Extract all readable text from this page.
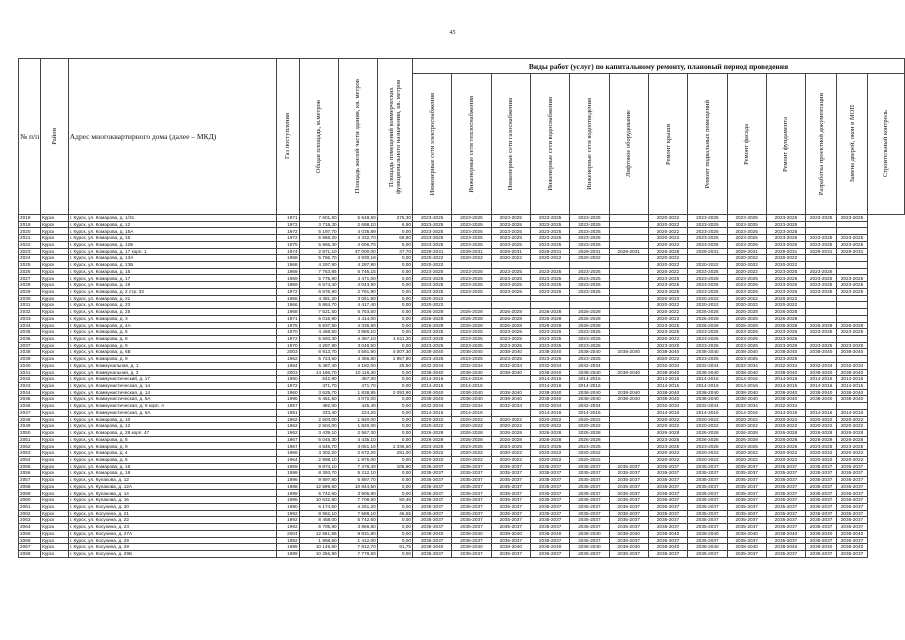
45
№ п/п	Район	Адрес многоквартирного дома (далее – МКД)	Газ поступления	Общая площадь, м.метров	Площадь жилой части здания, кв. метров	Площадь помещений коммерческих функционального назначения, кв. метров	Виды работ (услуг) по капитальному ремонту, плановый период проведения												

							Инженерные сети электроснабжения	Инженерные сети теплоснабжения	Инженерные сети газоснабжения	Инженерные сети водоснабжения	Инженерные сети водоотведения	Лифтовое оборудование	Ремонт крыши	Ремонт подвальных помещений	Ремонт фасада	Ремонт фундамента	Разработка проектной документации	Замена дверей, окон в МОП	Строительный контроль

2018	Курск	г. Курск, ул. Комарова, д. 1/31	1971	7 601,50	5 648,60	275,30	2023-2025	2023-2025	2023-2025	2023-2025	2023-2025		2020-2022	2023-2025	2023-2025	2023-2025	2023-2025	2023-2025	
2019	Курск	г. Курск, ул. Комарова, д. 12	1972	3 718,30	2 698,10	6,90	2023-2025	2023-2025	2023-2025	2023-2025	2023-2025		2020-2022	2023-2025	2023-2025	2023-2025			
2020	Курск	г. Курск, ул. Комарова, д. 15А	1972	5 197,70	4 035,89	0,00	2023-2025	2023-2025	2023-2025	2023-2025	2023-2025		2020-2022	2023-2025	2023-2025	2023-2025			
2021	Курск	г. Курск, ул. Комарова, д. 16	1972	5 968,20	4 332,70	68,80	2023-2025	2023-2025	2023-2025	2023-2025	2023-2025		2020-2022	2023-2025	2023-2025	2023-2025	2023-2025	2023-2025	
2022	Курск	г. Курск, ул. Комарова, д. 12Б	1975	5 866,30	4 006,70	5,00	2023-2025	2023-2025	2023-2025	2023-2025	2023-2025		2020-2022	2023-2025	2023-2025	2023-2025	2023-2025	2023-2025	
2023	Курск	г. Курск, ул. Комарова, д. 17 корп. 1	1974	2 871,10	37 000,00	37,70	2029-2031	2029-2031	2029-2031	2029-2031	2029-2031	2029-2031	2026-2028	2029-2031	2029-2031	2029-2031	2029-2031	2029-2031	
2024	Курск	г. Курск, ул. Комарова, д. 13А	1968	5 756,70	4 930,18	0,00	2020-2022	2020-2022	2020-2022	2020-2022	2020-2022		2020-2022		2020-2022	2020-2022			
2025	Курск	г. Курск, ул. Комарова, д. 13Б	1968	4 297,90	4 297,90	0,00	2020-2022						2020-2022	2020-2022	2020-2022	2020-2022			
2026	Курск	г. Курск, ул. Комарова, д. 15	1969	7 763,85	5 746,15	0,00	2023-2025	2023-2025	2023-2025	2023-2025	2023-2025		2020-2022	2023-2025	2020-2022	2023-2025	2023-2025		
2027	Курск	г. Курск, ул. Комарова, д. 17	1969	5 775,90	4 471,00	0,00	2023-2025	2023-2025	2023-2025	2023-2025	2023-2025		2023-2025	2023-2025	2023-2025	2023-2025	2023-2025	2023-2025	
2028	Курск	г. Курск, ул. Комарова, д. 19	1969	6 574,40	4 043,90	0,00	2023-2025	2023-2025	2023-2025	2023-2025	2023-2025		2023-2025	2023-2025	2023-2025	2023-2025	2023-2025	2023-2025	
2029	Курск	г. Курск, ул. Комарова, д. 2 стр. 33	1972	6 576,90	2 791,90	0,00	2023-2025	2023-2025	2023-2025	2023-2025	2023-2025		2023-2025	2023-2025	2023-2025	2023-2025	2023-2025	2023-2025	
2030	Курск	г. Курск, ул. Комарова, д. 21	1966	4 381,20	3 061,90	0,00	2020-2022						2020-2022	2020-2022	2020-2022	2020-2022			
2031	Курск	г. Курск, ул. Комарова, д. 23	1966	5 884,70	4 417,40	0,00	2020-2022						2020-2022	2020-2022	2020-2022	2020-2022			
2032	Курск	г. Курск, ул. Комарова, д. 25	1968	7 621,50	5 763,50	0,00	2026-2028	2026-2028	2026-2028	2026-2028	2026-2028		2020-2022	2026-2028	2026-2028	2026-2028			
2033	Курск	г. Курск, ул. Комарова, д. 3	1971	6 016,90	4 414,00	0,00	2026-2028	2026-2028	2026-2028	2026-2028	2026-2028		2020-2022	2026-2028	2026-2028	2026-2028			
2034	Курск	г. Курск, ул. Комарова, д. 4А	1975	5 937,50	4 336,90	0,00	2026-2028	2026-2028	2026-2028	2026-2028	2026-2028		2023-2025	2026-2028	2026-2028	2026-2028	2026-2028	2026-2028	
2035	Курск	г. Курск, ул. Комарова, д. 5	1970	4 458,50	3 886,10	0,00	2023-2025	2023-2025	2023-2025	2023-2025	2023-2025		2023-2025	2023-2025	2023-2025	2023-2025	2023-2025	2023-2025	
2036	Курск	г. Курск, ул. Комарова, д. 9	1972	5 693,30	4 367,10	1 611,20	2023-2025	2023-2025	2023-2025	2023-2025	2023-2025		2020-2022	2023-2025	2023-2025	2023-2025			
2037	Курск	г. Курск, ул. Комарова, д. 9	1970	4 297,80	3 046,50	0,00	2023-2025	2023-2025	2023-2025	2023-2025	2023-2025		2023-2025	2023-2025	2023-2025	2023-2025	2023-2025	2023-2025	
2038	Курск	г. Курск, ул. Комарова, д. 6Б	2003	6 913,70	4 591,90	4 007,30	2038-2040	2038-2040	2038-2040	2038-2040	2038-2040	2038-2040	2038-2040	2038-2040	2038-2040	2038-2040	2038-2040	2038-2040	
2039	Курск	г. Курск, ул. Комарова, д. 9	1962	5 724,60	4 366,80	1 957,80	2023-2025	2023-2025	2023-2025	2023-2025	2023-2025		2020-2022	2023-2025	2023-2025	2023-2025			
2040	Курск	г. Курск, ул. Коммунальная, д. 1	1984	5 487,40	4 182,00	25,50	2032-2034	2032-2034	2032-2034	2032-2034	2032-2034		2032-2034	2032-2034	2032-2034	2032-2034	2032-2034	2032-2034	
2041	Курск	г. Курск, ул. Коммунальная, д. 2	2003	14 196,70	10 116,30	0,00	2038-2040	2038-2040	2038-2040	2038-2040	2038-2040	2038-2040	2038-2040	2038-2040	2038-2040	2038-2040	2038-2040	2038-2040	
2042	Курск	г. Курск, ул. Коммунистический, д. 17	1960	642,90	457,00	0,00	2014-2016	2014-2016		2014-2016	2014-2016		2014-2016	2014-2016	2014-2016	2014-2016	2014-2016	2014-2016	
2043	Курск	г. Курск, ул. Коммунистическая, д. 14	1972	471,70	471,70	0,00	2014-2016	2014-2016		2014-2016	2014-2016		2014-2016	2014-2016	2014-2016	2014-2016	2014-2016	2014-2016	
2044	Курск	г. Курск, ул. Коммунистическая, д. 14	1960	3 625,70	1 838,85	2 093,90	2038-2040	2038-2040	2038-2040	2038-2040	2038-2040	2038-2040	2038-2040	2038-2040	2038-2040	2038-2040	2038-2040	2038-2040	
2045	Курск	г. Курск, ул. Коммунистическая, д. 5А	1996	6 451,50	4 070,00	0,00	2038-2040	2038-2040	2038-2040	2038-2040	2038-2040	2038-2040	2038-2040	2038-2040	2038-2040	2038-2040	2038-2040	2038-2040	
2046	Курск	г. Курск, ул. Коммунистическая, д. 6 корп. А	1957	492,00	425,40	0,00	2032-2034	2032-2034	2032-2034	2032-2034	2032-2034		2032-2034	2032-2034	2032-2034	2032-2034			
2047	Курск	г. Курск, ул. Коммунистическая, д. 6А	1951	333,40	224,20	0,00	2014-2016	2014-2016		2014-2016	2014-2016		2014-2016	2014-2016	2014-2016	2014-2016	2014-2016	2014-2016	
2048	Курск	г. Курск, ул. Комарова, д. 10	1962	2 503,00	1 820,00	0,00	2020-2022	2020-2022	2020-2022	2020-2022	2020-2022		2020-2022	2020-2022	2020-2022	2020-2022	2020-2022	2020-2022	
2049	Курск	г. Курск, ул. Комарова, д. 12	1962	2 504,00	1 820,00	0,00	2020-2022	2020-2022	2020-2022	2020-2022	2020-2022		2020-2022	2020-2022	2020-2022	2020-2022	2020-2022	2020-2022	
2050	Курск	г. Курск, ул. Комарова, д. 28 корп. 47	1962	3 439,10	2 567,30	0,00	2026-2028	2026-2028	2026-2028	2026-2028	2026-2028		2026-2028	2026-2028	2026-2028	2026-2028	2026-2028	2026-2028	
2051	Курск	г. Курск, ул. Комарова, д. 8	1967	6 045,30	4 435,10	0,00	2026-2028	2026-2028	2026-2028	2026-2028	2026-2028		2023-2025	2026-2028	2026-2028	2026-2028	2026-2028	2026-2028	
2052	Курск	г. Курск, ул. Комарова, д. 9	1967	4 845,70	3 051,10	1 336,60	2023-2025	2023-2025	2023-2025	2023-2025	2023-2025		2023-2025	2023-2025	2023-2025	2023-2025	2023-2025	2023-2025	
2053	Курск	г. Курск, ул. Комарова, д. 4	1966	3 302,20	2 572,20	291,00	2020-2022	2020-2022	2020-2022	2020-2022	2020-2022		2020-2022	2020-2022	2020-2022	2020-2022	2020-2022	2020-2022	
2054	Курск	г. Курск, ул. Комарова, д. 5	1964	2 998,10	1 875,00	0,00	2020-2022	2020-2022	2020-2022	2020-2022	2020-2022		2020-2022	2020-2022	2020-2022	2020-2022	2020-2022	2020-2022	
2055	Курск	г. Курск, ул. Комарова, д. 16	1969	9 874,10	7 478,40	105,90	2035-2037	2035-2037	2035-2037	2035-2037	2035-2037	2035-2037	2035-2037	2035-2037	2035-2037	2035-2037	2035-2037	2035-2037	
2056	Курск	г. Курск, ул. Комарова, д. 18	1999	8 393,70	5 212,10	0,00	2035-2037	2035-2037	2035-2037	2035-2037	2035-2037	2035-2037	2035-2037	2035-2037	2035-2037	2035-2037	2035-2037	2035-2037	
2057	Курск	г. Курск, ул. Кулакова, д. 12	1996	9 897,80	5 897,70	0,00	2035-2037	2035-2037	2035-2037	2035-2037	2035-2037	2035-2037	2035-2037	2035-2037	2035-2037	2035-2037	2035-2037	2035-2037	
2058	Курск	г. Курск, ул. Кулакова, д. 12А	1988	12 599,60	10 844,50	0,00	2035-2037	2035-2037	2035-2037	2035-2037	2035-2037	2035-2037	2035-2037	2035-2037	2035-2037	2035-2037	2035-2037	2035-2037	
2059	Курск	г. Курск, ул. Кулакова, д. 14	1999	5 742,60	3 905,80	0,00	2035-2037	2035-2037	2035-2037	2035-2037	2035-2037	2035-2037	2035-2037	2035-2037	2035-2037	2035-2037	2035-2037	2035-2037	
2060	Курск	г. Курск, ул. Кулакова, д. 16	1995	10 632,80	7 708,50	50,46	2035-2037	2035-2037	2035-2037	2035-2037	2035-2037	2035-2037	2035-2037	2035-2037	2035-2037	2035-2037	2035-2037	2035-2037	
2061	Курск	г. Курск, ул. Косухина, д. 20	1990	6 174,50	4 251,20	0,00	2035-2037	2035-2037	2035-2037	2035-2037	2035-2037	2035-2037	2035-2037	2035-2037	2035-2037	2035-2037	2035-2037	2035-2037	
2062	Курск	г. Курск, ул. Косухина, д. 21	1992	8 962,10	7 588,10	46,55	2035-2037	2035-2037	2035-2037	2035-2037	2035-2037	2035-2037	2035-2037	2035-2037	2035-2037	2035-2037	2035-2037	2035-2037	
2063	Курск	г. Курск, ул. Косухина, д. 22	1992	8 458,00	5 742,60	0,00	2035-2037	2035-2037	2035-2037	2035-2037	2035-2037	2035-2037	2035-2037	2035-2037	2035-2037	2035-2037	2035-2037	2035-2037	
2064	Курск	г. Курск, ул. Косухина, д. 23	1992	5 705,90	3 866,80	0,00	2035-2037	2035-2037	2035-2037	2035-2037	2035-2037	2035-2037	2035-2037	2035-2037	2035-2037	2035-2037	2035-2037	2035-2037	
2065	Курск	г. Курск, ул. Косухина, д. 27А	2004	12 551,55	8 831,80	0,00	2038-2040	2038-2040	2038-2040	2038-2040	2038-2040	2038-2040	2038-2040	2038-2040	2038-2040	2038-2040	2038-2040	2038-2040	
2066	Курск	г. Курск, ул. Косухина, д. 29	1992	1 958,60	1 412,00	0,00	2035-2037	2035-2037	2035-2037	2035-2037	2035-2037	2035-2037	2035-2037	2035-2037	2035-2037	2035-2037	2035-2037	2035-2037	
2067	Курск	г. Курск, ул. Косухина, д. 29	1989	10 149,60	7 812,70	91,75	2038-2040	2038-2040	2038-2040	2038-2040	2038-2040	2038-2040	2038-2040	2038-2040	2038-2040	2038-2040	2038-2040	2038-2040	
2068	Курск	г. Курск, ул. Косухина, д. 29Б	1989	10 256,90	7 778,50	0,00	2035-2037	2035-2037	2035-2037	2035-2037	2035-2037	2035-2037	2035-2037	2035-2037	2035-2037	2035-2037	2035-2037	2035-2037	
